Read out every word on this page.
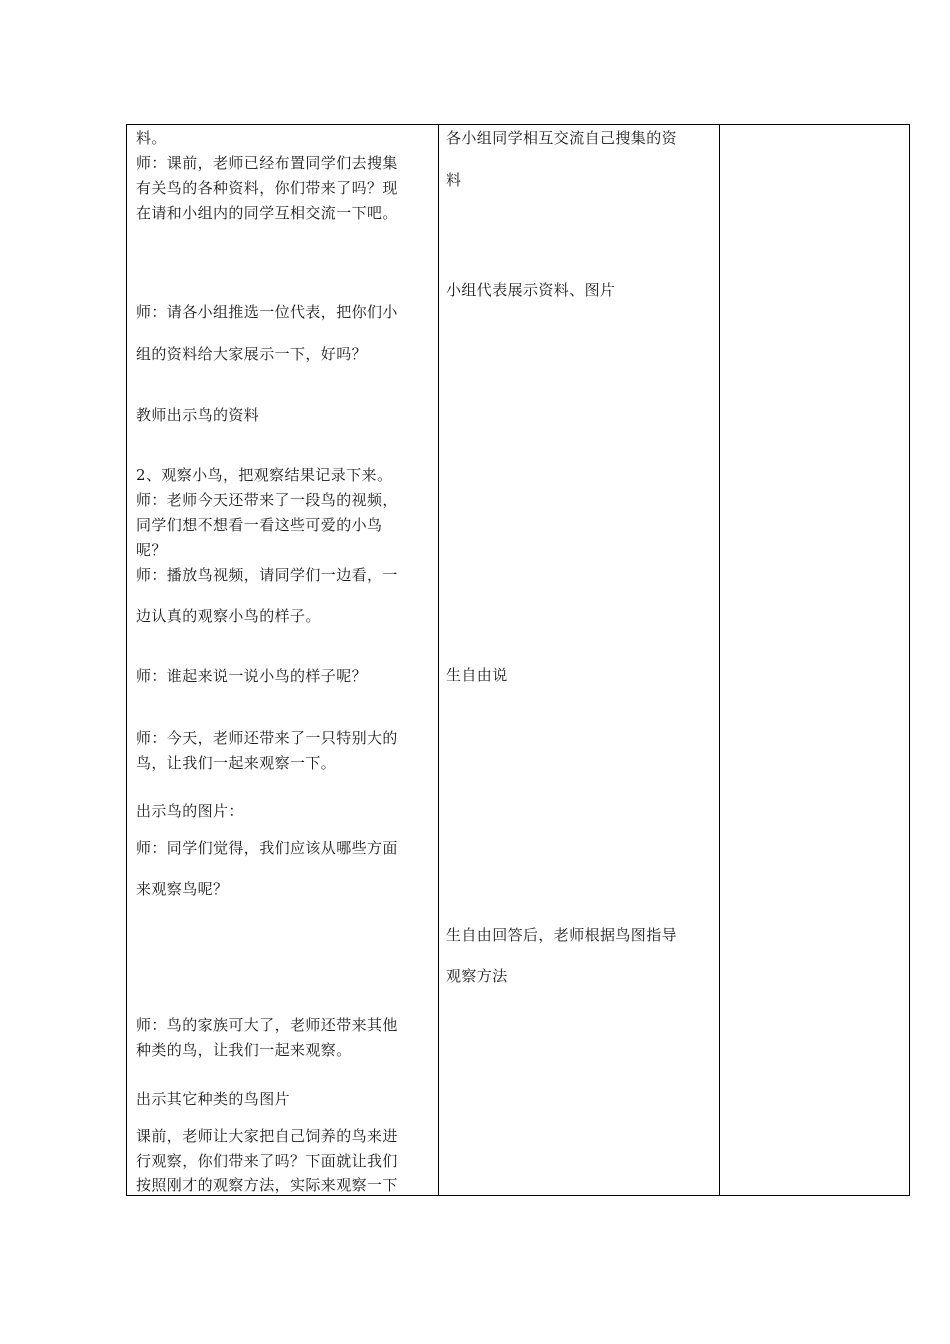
料。
师：课前，老师已经布置同学们去搜集
有关鸟的各种资料，你们带来了吗？现
在请和小组内的同学互相交流一下吧。
师：请各小组推选一位代表，把你们小
组的资料给大家展示一下，好吗？
教师出示鸟的资料
2、观察小鸟，把观察结果记录下来。
师：老师今天还带来了一段鸟的视频，
同学们想不想看一看这些可爱的小鸟
呢？
师：播放鸟视频，请同学们一边看，一
边认真的观察小鸟的样子。
师：谁起来说一说小鸟的样子呢？
师：今天，老师还带来了一只特别大的
鸟，让我们一起来观察一下。
出示鸟的图片：
师：同学们觉得，我们应该从哪些方面
来观察鸟呢？
师：鸟的家族可大了，老师还带来其他
种类的鸟，让我们一起来观察。
出示其它种类的鸟图片
课前，老师让大家把自己饲养的鸟来进
行观察，你们带来了吗？下面就让我们
按照刚才的观察方法，实际来观察一下
各小组同学相互交流自己搜集的资
料
小组代表展示资料、图片
生自由说
生自由回答后，老师根据鸟图指导
观察方法
